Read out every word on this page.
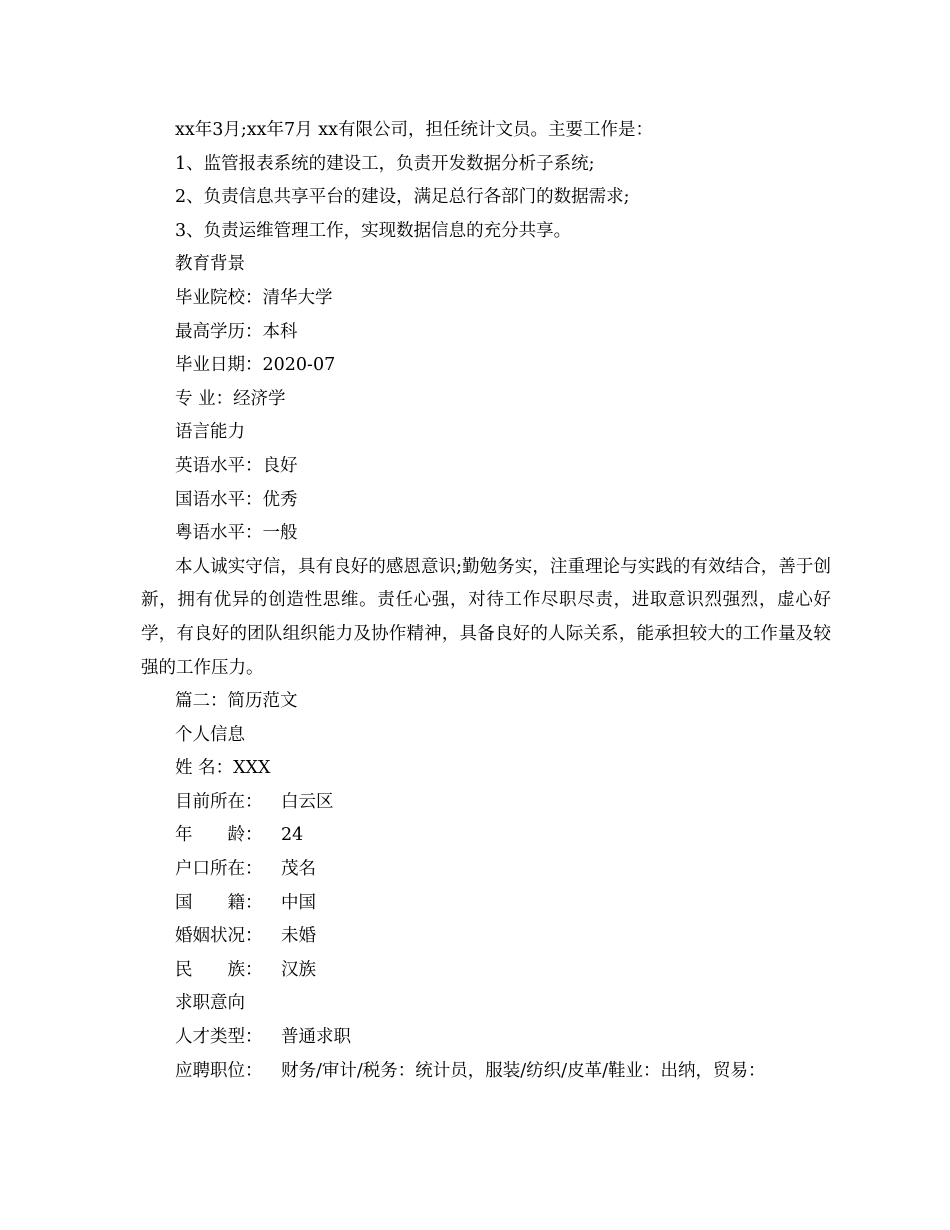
xx年3月;xx年7月 xx有限公司，担任统计文员。主要工作是：
1、监管报表系统的建设工，负责开发数据分析子系统;
2、负责信息共享平台的建设，满足总行各部门的数据需求;
3、负责运维管理工作，实现数据信息的充分共享。
教育背景
毕业院校：清华大学
最高学历：本科
毕业日期：2020-07
专 业：经济学
语言能力
英语水平：良好
国语水平：优秀
粤语水平：一般
本人诚实守信，具有良好的感恩意识;勤勉务实，注重理论与实践的有效结合，善于创新，拥有优异的创造性思维。责任心强，对待工作尽职尽责，进取意识烈强烈，虚心好学，有良好的团队组织能力及协作精神，具备良好的人际关系，能承担较大的工作量及较强的工作压力。
篇二：简历范文
个人信息
姓 名：XXX
目前所在： 白云区
年　　龄： 24
户口所在： 茂名
国　　籍： 中国
婚姻状况： 未婚
民　　族： 汉族
求职意向
人才类型： 普通求职
应聘职位： 财务/审计/税务：统计员，服装/纺织/皮革/鞋业：出纳，贸易：
